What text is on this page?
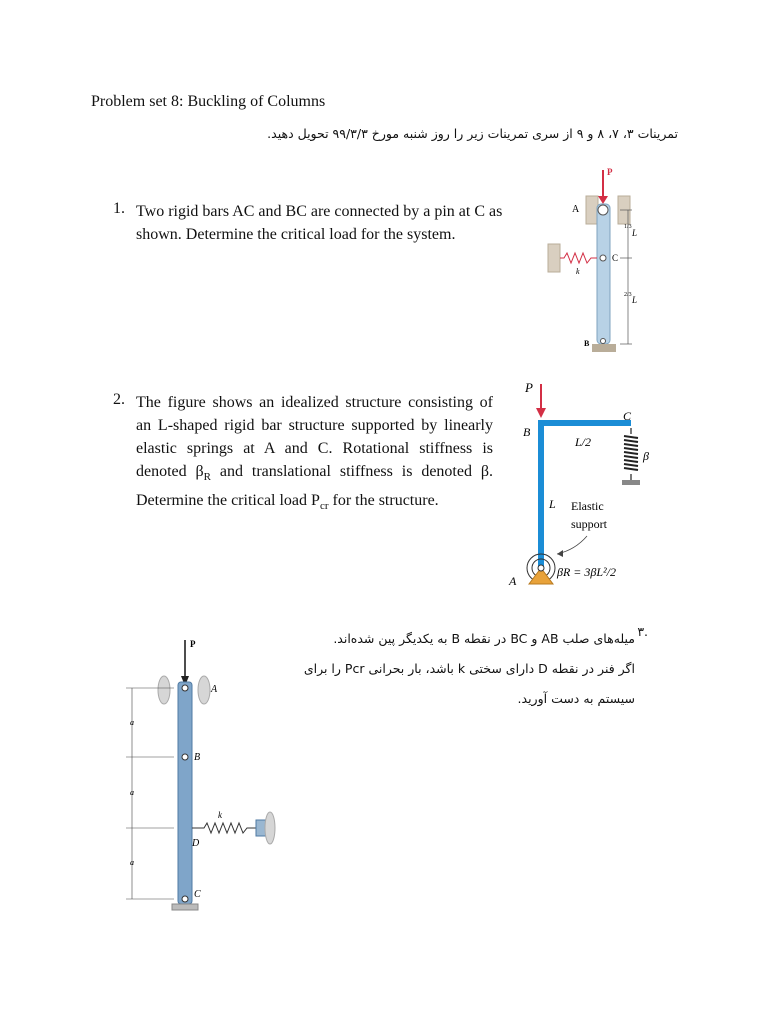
Problem set 8: Buckling of Columns
تمرینات ۳، ۷، ۸ و ۹ از سری تمرینات زیر را روز شنبه مورخ ۹۹/۳/۳ تحویل دهید.
1. Two rigid bars AC and BC are connected by a pin at C as shown. Determine the critical load for the system.
P
A
k
C
B
1/3
L
2/3 L
2. The figure shows an idealized structure consisting of an L-shaped rigid bar structure supported by linearly elastic springs at A and C. Rotational stiffness is denoted $\beta_R$ and translational stiffness is denoted β. Determine the critical load $P_{cr}$ for the structure.
P
B
C
L/2
L
β
Elastic
support
A
βR = 3βL²/2
۳.
میله‌های صلب AB و BC در نقطه B به یکدیگر پین شده‌اند.
اگر فنر در نقطه D دارای سختی k باشد، بار بحرانی Pcr را برای
سیستم به دست آورید.
P
A
B
k
D
C
a
a
a
